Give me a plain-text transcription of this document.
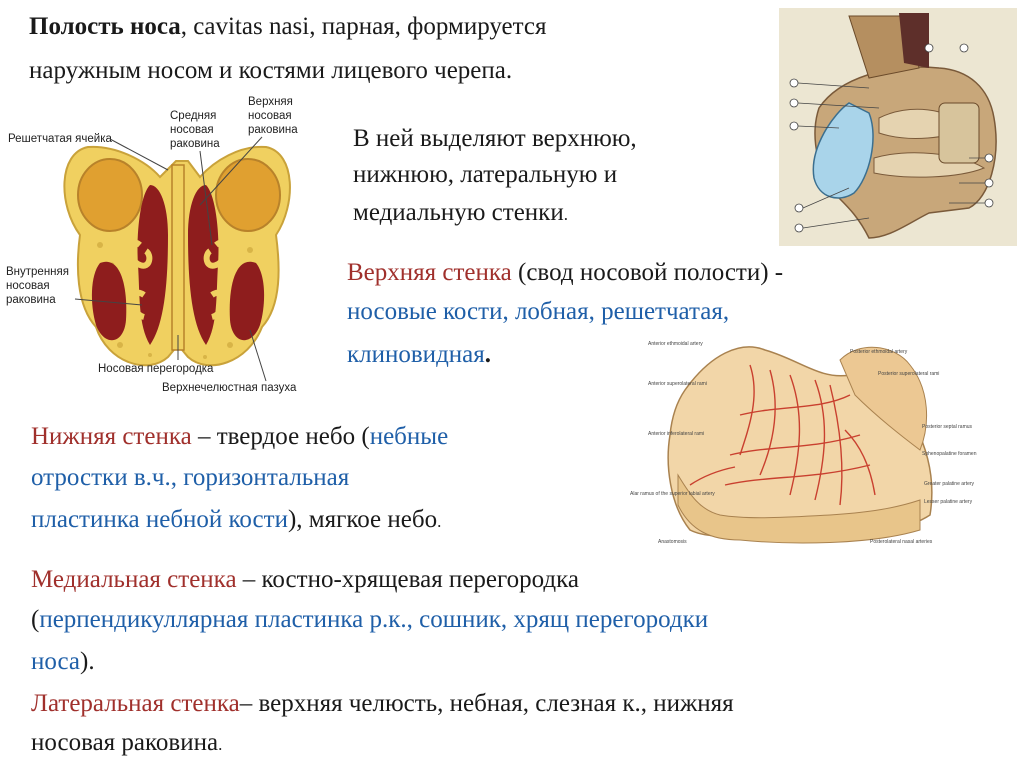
Полость носа, cavitas nasi, парная, формируется
наружным носом и костями лицевого черепа.
Решетчатая ячейка
Средняя
носовая
раковина
Верхняя
носовая
раковина
Внутренняя
носовая
раковина
Носовая перегородка
Верхнечелюстная пазуха
В ней выделяют верхнюю,
нижнюю, латеральную и
медиальную стенки.
Верхняя стенка (свод носовой полости) -
носовые кости, лобная, решетчатая,
клиновидная.	Anterior ethmoidal artery
Anterior superolateral rami
Anterior inferolateral rami
Alar ramus of the superior labial artery
Anastomosis
Posterior ethmoidal artery
Posterior superolateral rami
Posterior septal ramus
Sphenopalatine foramen
Greater palatine artery
Lesser palatine artery
Posterolateral nasal arteries
Нижняя стенка – твердое небо (небные
отростки в.ч., горизонтальная
пластинка небной кости), мягкое небо.
Медиальная стенка – костно-хрящевая перегородка
(перпендикуллярная пластинка р.к., сошник, хрящ перегородки
носа).
Латеральная стенка– верхняя челюсть, небная, слезная к., нижняя
носовая раковина.
